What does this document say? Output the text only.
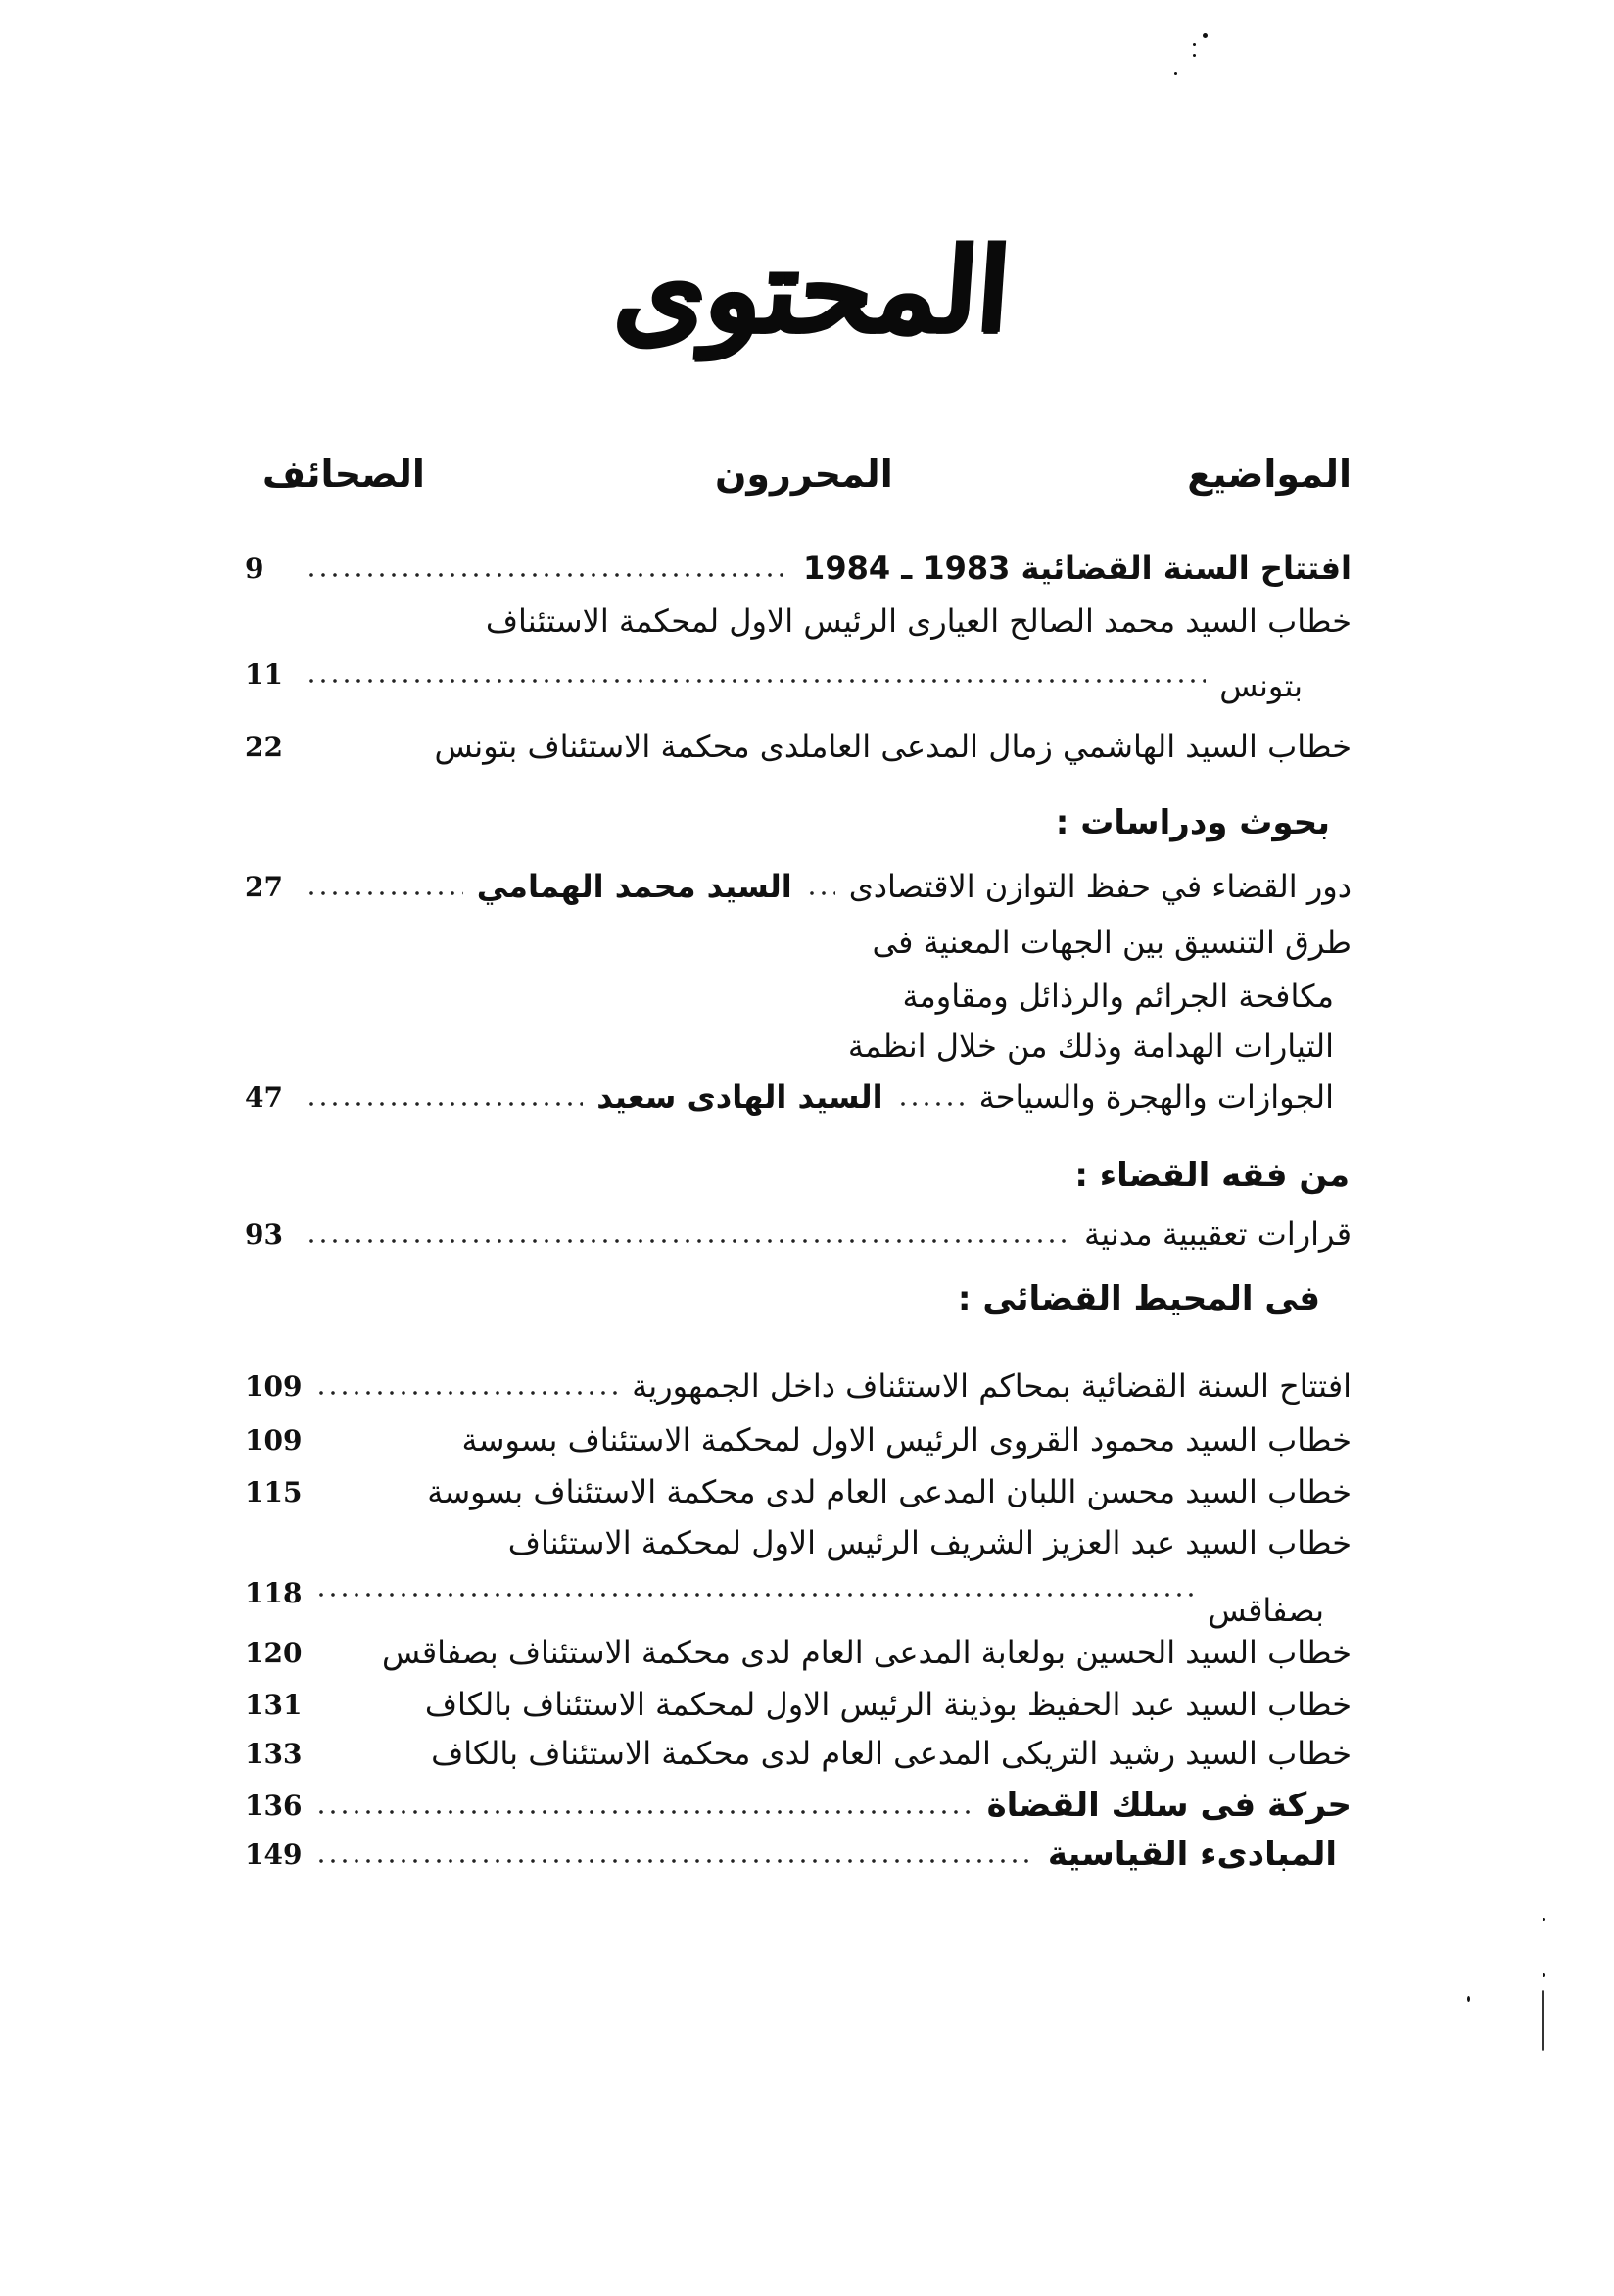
المحتوى
المواضيع
المحررون
الصحائف
افتتاح السنة القضائية 1983 ـ 1984
9
خطاب السيد محمد الصالح العيارى الرئيس الاول لمحكمة الاستئناف
بتونس
11
خطاب السيد الهاشمي زمال المدعى العاملدى محكمة الاستئناف بتونس
22
بحوث ودراسات :
دور القضاء في حفظ التوازن الاقتصادى
السيد محمد الهمامي
27
طرق التنسيق بين الجهات المعنية فى
مكافحة الجرائم والرذائل ومقاومة
التيارات الهدامة وذلك من خلال انظمة
الجوازات والهجرة والسياحة
السيد الهادى سعيد
47
من فقه القضاء :
قرارات تعقيبية مدنية
93
فى المحيط القضائى :
افتتاح السنة القضائية بمحاكم الاستئناف داخل الجمهورية
109
خطاب السيد محمود القروى الرئيس الاول لمحكمة الاستئناف بسوسة
109
خطاب السيد محسن اللبان المدعى العام لدى محكمة الاستئناف بسوسة
115
خطاب السيد عبد العزيز الشريف الرئيس الاول لمحكمة الاستئناف
بصفاقس
118
خطاب السيد الحسين بولعابة المدعى العام لدى محكمة الاستئناف بصفاقس
120
خطاب السيد عبد الحفيظ بوذينة الرئيس الاول لمحكمة الاستئناف بالكاف
131
خطاب السيد رشيد التريكى المدعى العام لدى محكمة الاستئناف بالكاف
133
حركة فى سلك القضاة
136
المبادىء القياسية
149
